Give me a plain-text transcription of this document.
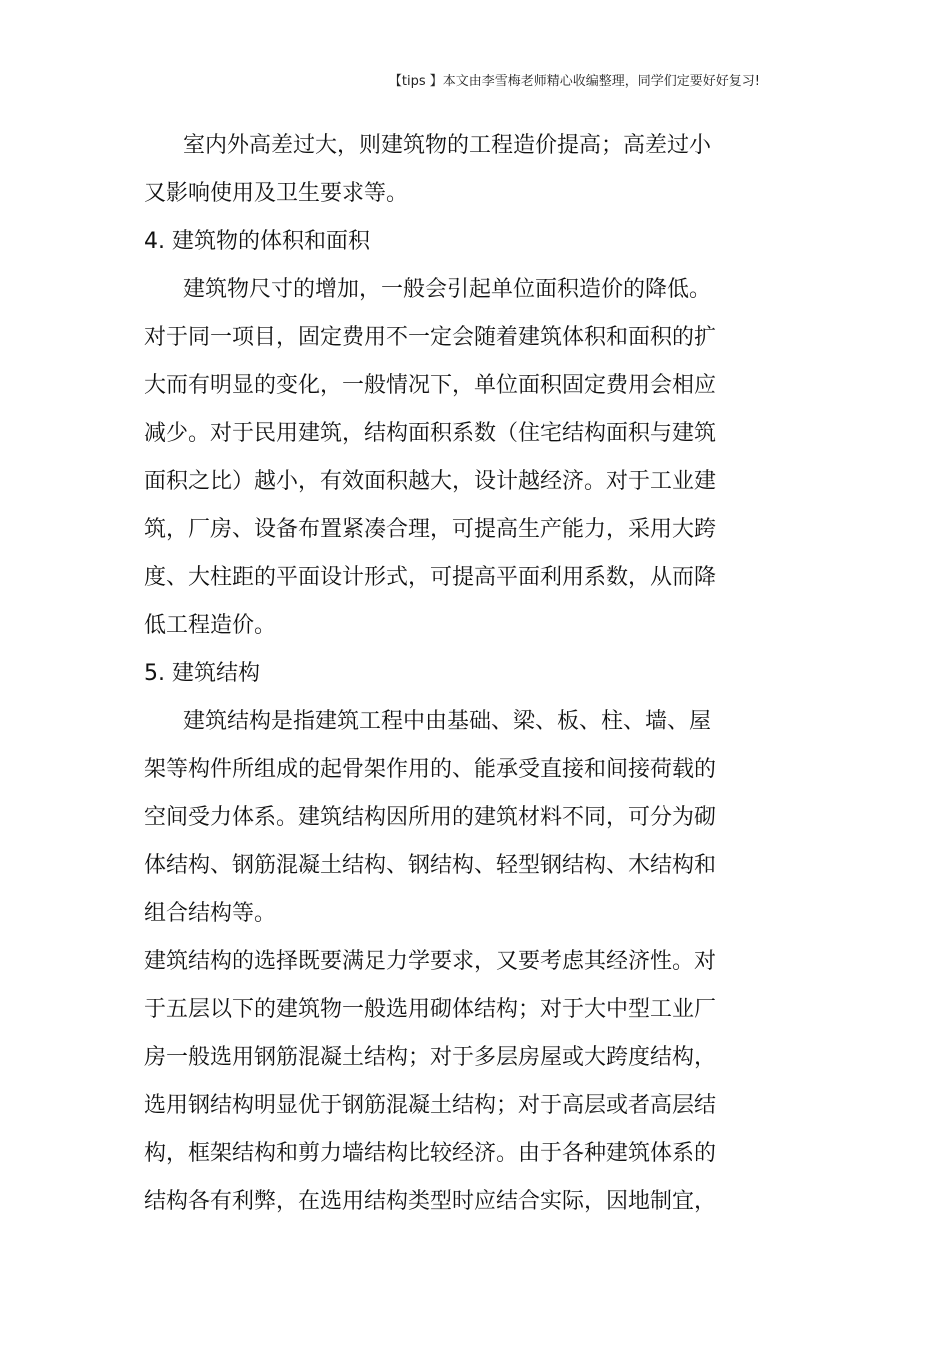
【tips 】本文由李雪梅老师精心收编整理，同学们定要好好复习!
室内外高差过大，则建筑物的工程造价提高；高差过小
又影响使用及卫生要求等。
4. 建筑物的体积和面积
建筑物尺寸的增加，一般会引起单位面积造价的降低。
对于同一项目，固定费用不一定会随着建筑体积和面积的扩
大而有明显的变化，一般情况下，单位面积固定费用会相应
减少。对于民用建筑，结构面积系数（住宅结构面积与建筑
面积之比）越小，有效面积越大，设计越经济。对于工业建
筑，厂房、设备布置紧凑合理，可提高生产能力，采用大跨
度、大柱距的平面设计形式，可提高平面利用系数，从而降
低工程造价。
5. 建筑结构
建筑结构是指建筑工程中由基础、梁、板、柱、墙、屋
架等构件所组成的起骨架作用的、能承受直接和间接荷载的
空间受力体系。建筑结构因所用的建筑材料不同，可分为砌
体结构、钢筋混凝土结构、钢结构、轻型钢结构、木结构和
组合结构等。
建筑结构的选择既要满足力学要求，又要考虑其经济性。对
于五层以下的建筑物一般选用砌体结构；对于大中型工业厂
房一般选用钢筋混凝土结构；对于多层房屋或大跨度结构，
选用钢结构明显优于钢筋混凝土结构；对于高层或者高层结
构，框架结构和剪力墙结构比较经济。由于各种建筑体系的
结构各有利弊，在选用结构类型时应结合实际，因地制宜，
